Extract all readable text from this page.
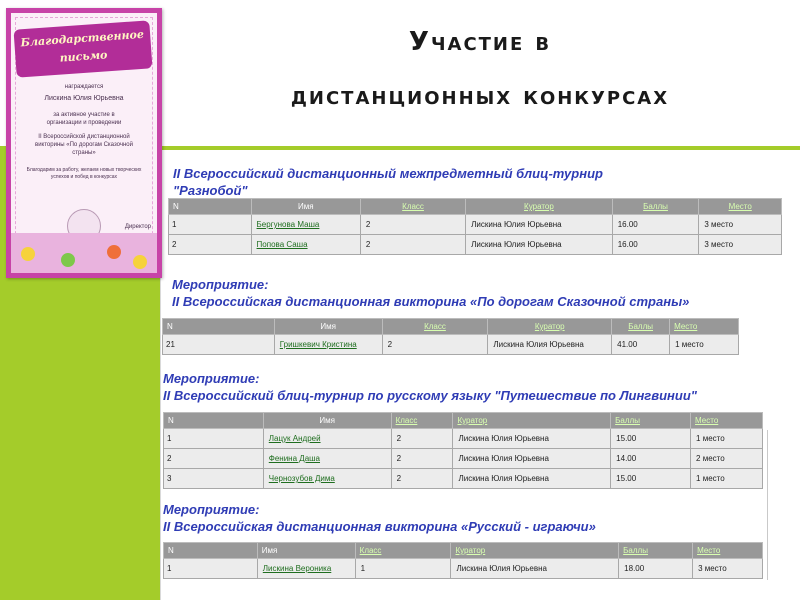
Участие в
дистанционных конкурсах
Благодарственное
письмо
награждается
Лискина Юлия Юрьевна
за активное участие в
организации и проведении
II Всероссийской дистанционной
викторины «По дорогам Сказочной
страны»
Благодарим за работу, желаем новых творческих успехов и побед в конкурсах
Директор
II Всероссийский дистанционный межпредметный блиц-турнир
"Разнобой"
N	Имя	Класс	Куратор	Баллы	Место
1	Бергунова Маша	2	Лискина Юлия Юрьевна	16.00	3 место
2	Попова Саша	2	Лискина Юлия Юрьевна	16.00	3 место
Мероприятие:
II Всероссийская дистанционная викторина «По дорогам Сказочной страны»
N	Имя	Класс	Куратор	Баллы	Место
21	Гришкевич Кристина	2	Лискина Юлия Юрьевна	41.00	1 место
Мероприятие:
II Всероссийский блиц-турнир по русскому языку "Путешествие по Лингвинии"
N	Имя	Класс	Куратор	Баллы	Место
1	Лацук Андрей	2	Лискина Юлия Юрьевна	15.00	1 место
2	Фенина Даша	2	Лискина Юлия Юрьевна	14.00	2 место
3	Чернозубов Дима	2	Лискина Юлия Юрьевна	15.00	1 место
Мероприятие:
II Всероссийская дистанционная викторина «Русский - играючи»
N	Имя	Класс	Куратор	Баллы	Место
1	Лискина Вероника	1	Лискина Юлия Юрьевна	18.00	3 место
